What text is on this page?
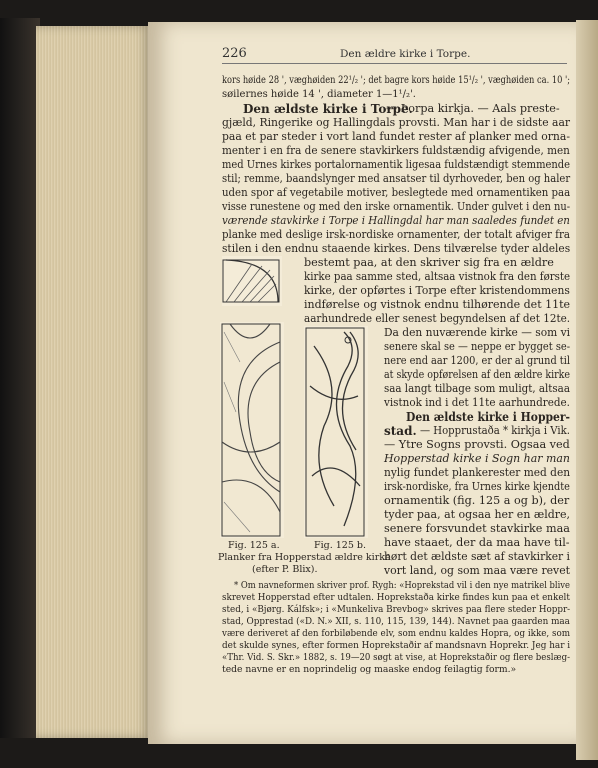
226	Den ældre kirke i Torpe.
kors høide 28 ', væghøiden 22¹/₂ '; det bagre kors høide 15¹/₂ ', væghøiden ca. 10 ';
søilernes høide 14 ', diameter 1—1¹/₂'.
Den ældste kirke i Torpe.
— Þorpa kirkja. — Aals preste-
gjæld, Ringerike og Hallingdals provsti. Man har i de sidste aar
paa et par steder i vort land fundet rester af planker med orna-
menter i en fra de senere stavkirkers fuldstændig afvigende, men
med Urnes kirkes portalornamentik ligesaa fuldstændigt stemmende
stil; remme, baandslynger med ansatser til dyrhoveder, ben og haler
uden spor af vegetabile motiver, beslegtede med ornamentiken paa
visse runestene og med den irske ornamentik. Under gulvet i den nu-
værende stavkirke i Torpe i Hallingdal har man saaledes fundet en
planke med deslige irsk-nordiske ornamenter, der totalt afviger fra
stilen i den endnu staaende kirkes. Dens tilværelse tyder aldeles
bestemt paa, at den skriver sig fra en ældre
kirke paa samme sted, altsaa vistnok fra den første
kirke, der opførtes i Torpe efter kristendommens
indførelse og vistnok endnu tilhørende det 11te
aarhundrede eller senest begyndelsen af det 12te.
Da den nuværende kirke — som vi
senere skal se — neppe er bygget se-
nere end aar 1200, er der al grund til
at skyde opførelsen af den ældre kirke
saa langt tilbage som muligt, altsaa
vistnok ind i det 11te aarhundrede.
Den ældste kirke i Hopper-
stad. — Hopprustaða * kirkja i Vik.
— Ytre Sogns provsti. Ogsaa ved
Hopperstad kirke i Sogn har man
nylig fundet plankerester med den
irsk-nordiske, fra Urnes kirke kjendte
ornamentik (fig. 125 a og b), der
tyder paa, at ogsaa her en ældre,
senere forsvundet stavkirke maa
have staaet, der da maa have til-
hørt det ældste sæt af stavkirker i
vort land, og som maa være revet
Fig. 125 a.	Fig. 125 b.
Planker fra Hopperstad ældre kirke
(efter P. Blix).
* Om navneformen skriver prof. Rygh: «Hoprekstad vil i den nye matrikel blive
skrevet Hopperstad efter udtalen. Hoprekstaða kirke findes kun paa et enkelt
sted, i «Bjørg. Kálfsk»; i «Munkeliva Brevbog» skrives paa flere steder Hoppr-
stad, Opprestad («D. N.» XII, s. 110, 115, 139, 144). Navnet paa gaarden maa
være deriveret af den forbiløbende elv, som endnu kaldes Hopra, og ikke, som
det skulde synes, efter formen Hoprekstaðir af mandsnavn Hoprekr. Jeg har i
«Thr. Vid. S. Skr.» 1882, s. 19—20 søgt at vise, at Hoprekstaðir og flere beslæg-
tede navne er en noprindelig og maaske endog feilagtig form.»
